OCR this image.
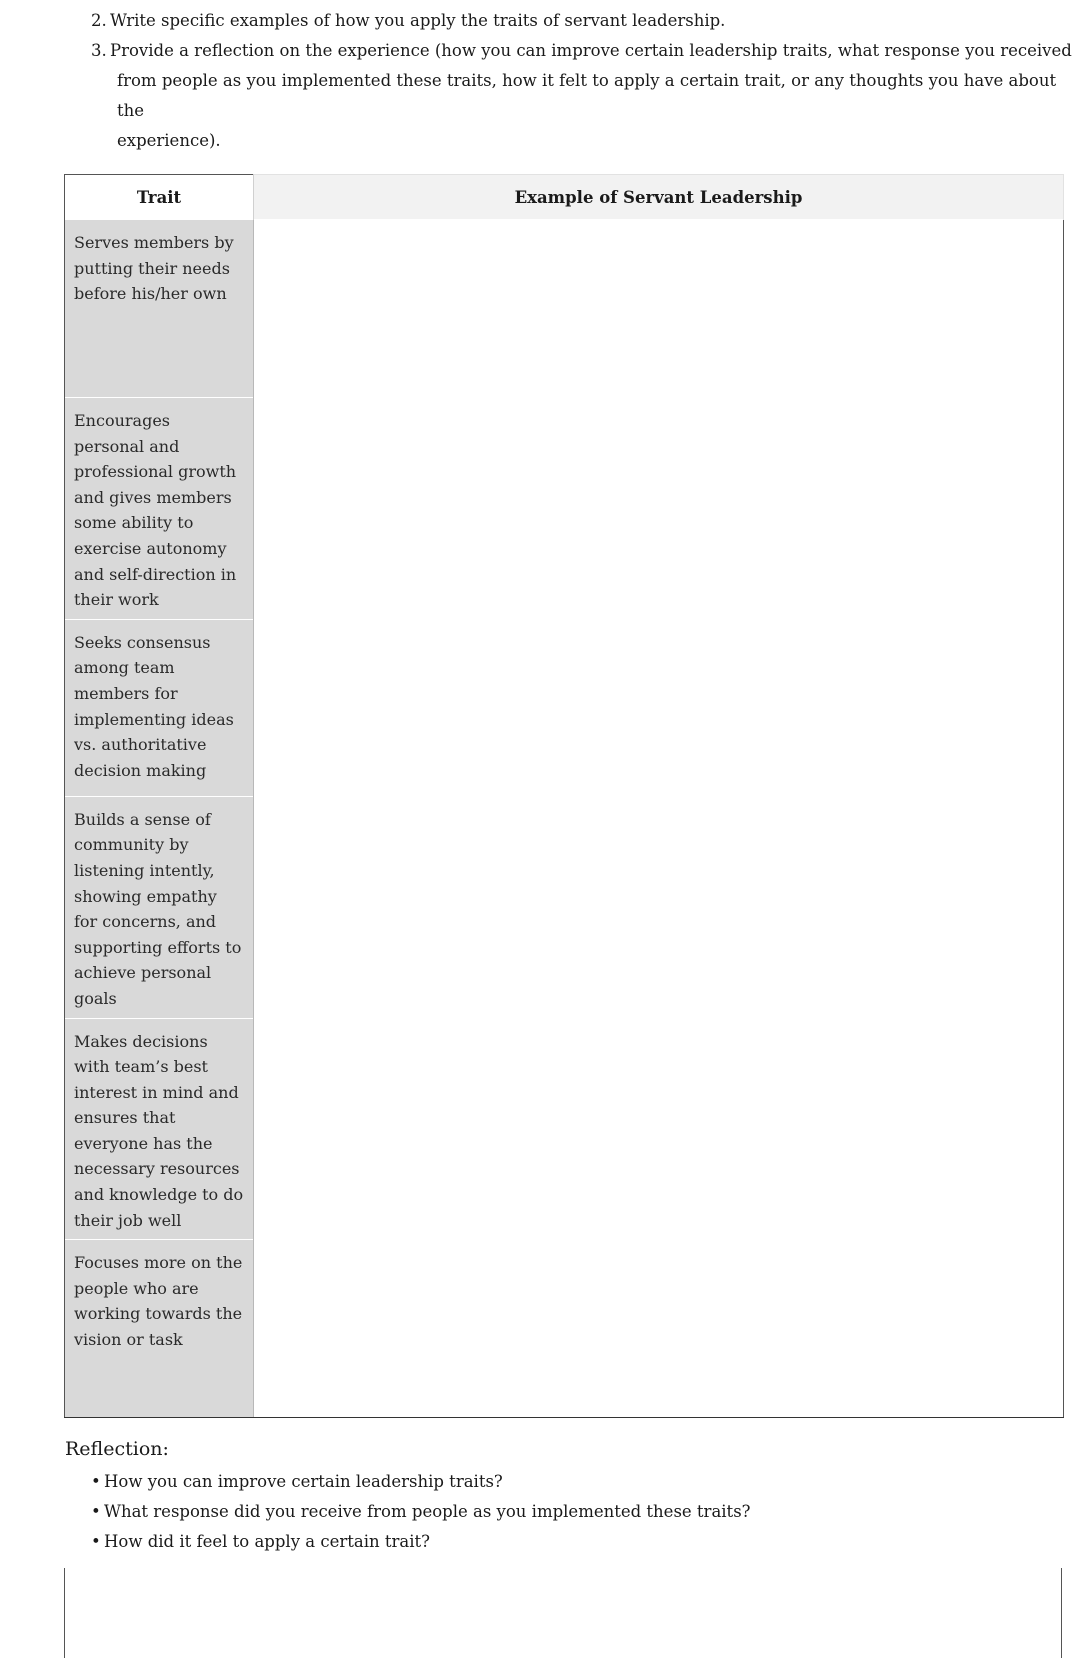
2. Write specific examples of how you apply the traits of servant leadership.
3. Provide a reflection on the experience (how you can improve certain leadership traits, what response you received
from people as you implemented these traits, how it felt to apply a certain trait, or any thoughts you have about the
experience).
Trait	Example of Servant Leadership
Serves members by putting their needs before his/her own	
Encourages personal and professional growth and gives members some ability to exercise autonomy and self-direction in their work	
Seeks consensus among team members for implementing ideas vs. authoritative decision making	
Builds a sense of community by listening intently, showing empathy for concerns, and supporting efforts to achieve personal goals	
Makes decisions with team’s best interest in mind and ensures that everyone has the necessary resources and knowledge to do their job well	
Focuses more on the people who are working towards the vision or task	
Reflection:
• How you can improve certain leadership traits?
• What response did you receive from people as you implemented these traits?
• How did it feel to apply a certain trait?
